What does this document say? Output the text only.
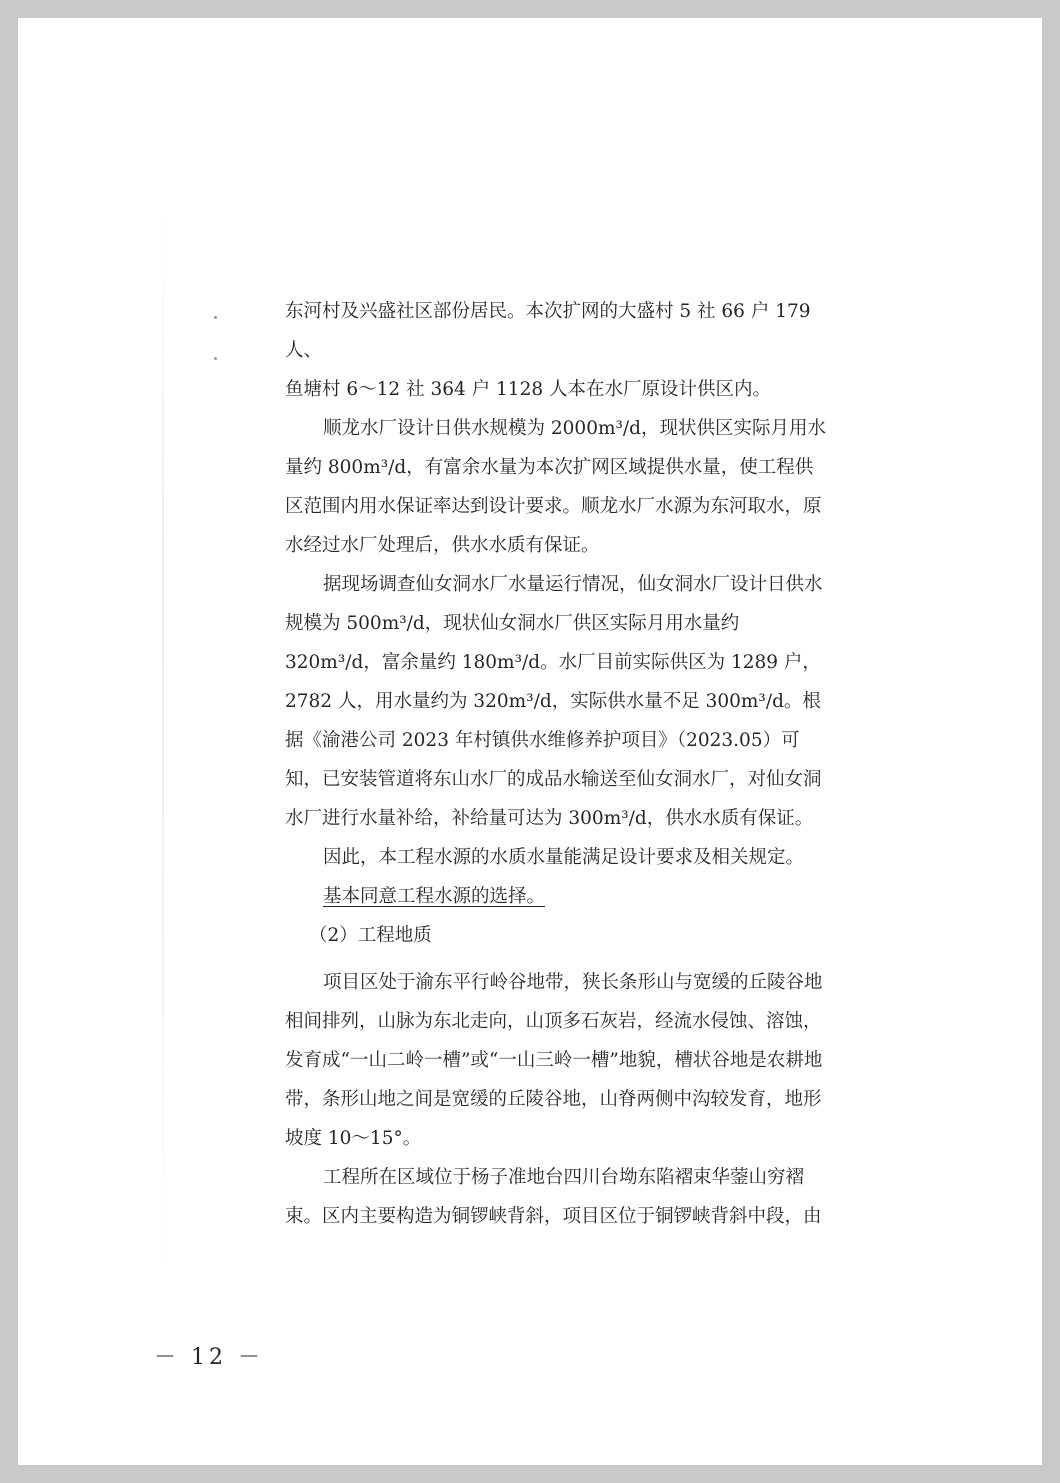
东河村及兴盛社区部份居民。本次扩网的大盛村 5 社 66 户 179 人、

鱼塘村 6～12 社 364 户 1128 人本在水厂原设计供区内。

顺龙水厂设计日供水规模为 2000m³/d，现状供区实际月用水量约 800m³/d，有富余水量为本次扩网区域提供水量，使工程供区范围内用水保证率达到设计要求。顺龙水厂水源为东河取水，原水经过水厂处理后，供水水质有保证。

据现场调查仙女洞水厂水量运行情况，仙女洞水厂设计日供水规模为 500m³/d，现状仙女洞水厂供区实际月用水量约 320m³/d，富余量约 180m³/d。水厂目前实际供区为 1289 户，2782 人，用水量约为 320m³/d，实际供水量不足 300m³/d。根据《渝港公司 2023 年村镇供水维修养护项目》（2023.05）可知，已安装管道将东山水厂的成品水输送至仙女洞水厂，对仙女洞水厂进行水量补给，补给量可达为 300m³/d，供水水质有保证。

因此，本工程水源的水质水量能满足设计要求及相关规定。

基本同意工程水源的选择。

（2）工程地质

项目区处于渝东平行岭谷地带，狭长条形山与宽缓的丘陵谷地相间排列，山脉为东北走向，山顶多石灰岩，经流水侵蚀、溶蚀，发育成“一山二岭一槽”或“一山三岭一槽”地貌，槽状谷地是农耕地带，条形山地之间是宽缓的丘陵谷地，山脊两侧中沟较发育，地形坡度 10～15°。

工程所在区域位于杨子准地台四川台坳东陷褶束华蓥山穷褶束。区内主要构造为铜锣峡背斜，项目区位于铜锣峡背斜中段，由

－ 12 －
